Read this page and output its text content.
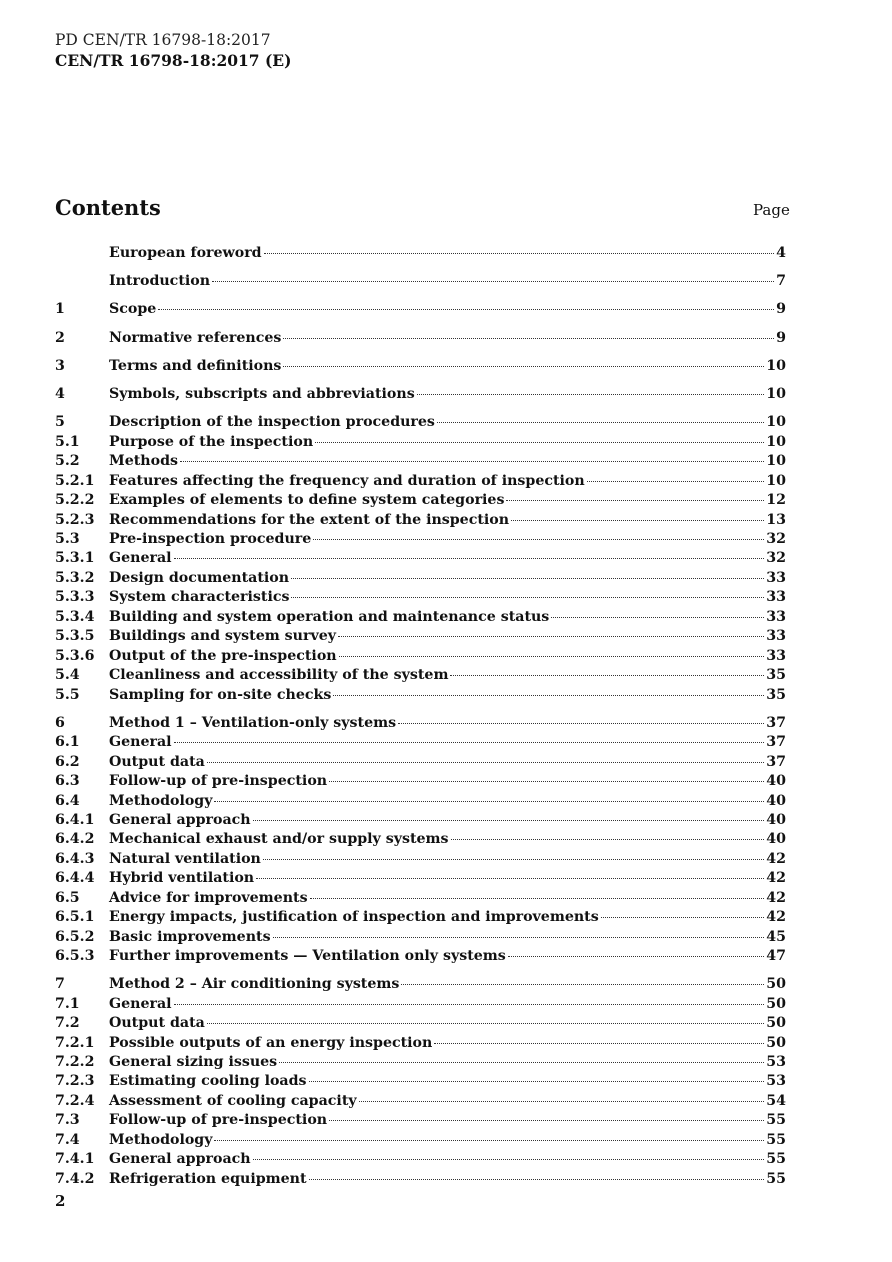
PD CEN/TR 16798-18:2017
CEN/TR 16798-18:2017 (E)
Contents	Page
European foreword	4
Introduction	7
1	Scope	9
2	Normative references	9
3	Terms and definitions	10
4	Symbols, subscripts and abbreviations	10
5	Description of the inspection procedures	10
5.1	Purpose of the inspection	10
5.2	Methods	10
5.2.1	Features affecting the frequency and duration of inspection	10
5.2.2	Examples of elements to define system categories	12
5.2.3	Recommendations for the extent of the inspection	13
5.3	Pre-inspection procedure	32
5.3.1	General	32
5.3.2	Design documentation	33
5.3.3	System characteristics	33
5.3.4	Building and system operation and maintenance status	33
5.3.5	Buildings and system survey	33
5.3.6	Output of the pre-inspection	33
5.4	Cleanliness and accessibility of the system	35
5.5	Sampling for on-site checks	35
6	Method 1 – Ventilation-only systems	37
6.1	General	37
6.2	Output data	37
6.3	Follow-up of pre-inspection	40
6.4	Methodology	40
6.4.1	General approach	40
6.4.2	Mechanical exhaust and/or supply systems	40
6.4.3	Natural ventilation	42
6.4.4	Hybrid ventilation	42
6.5	Advice for improvements	42
6.5.1	Energy impacts, justification of inspection and improvements	42
6.5.2	Basic improvements	45
6.5.3	Further improvements — Ventilation only systems	47
7	Method 2 – Air conditioning systems	50
7.1	General	50
7.2	Output data	50
7.2.1	Possible outputs of an energy inspection	50
7.2.2	General sizing issues	53
7.2.3	Estimating cooling loads	53
7.2.4	Assessment of cooling capacity	54
7.3	Follow-up of pre-inspection	55
7.4	Methodology	55
7.4.1	General approach	55
7.4.2	Refrigeration equipment	55
2
